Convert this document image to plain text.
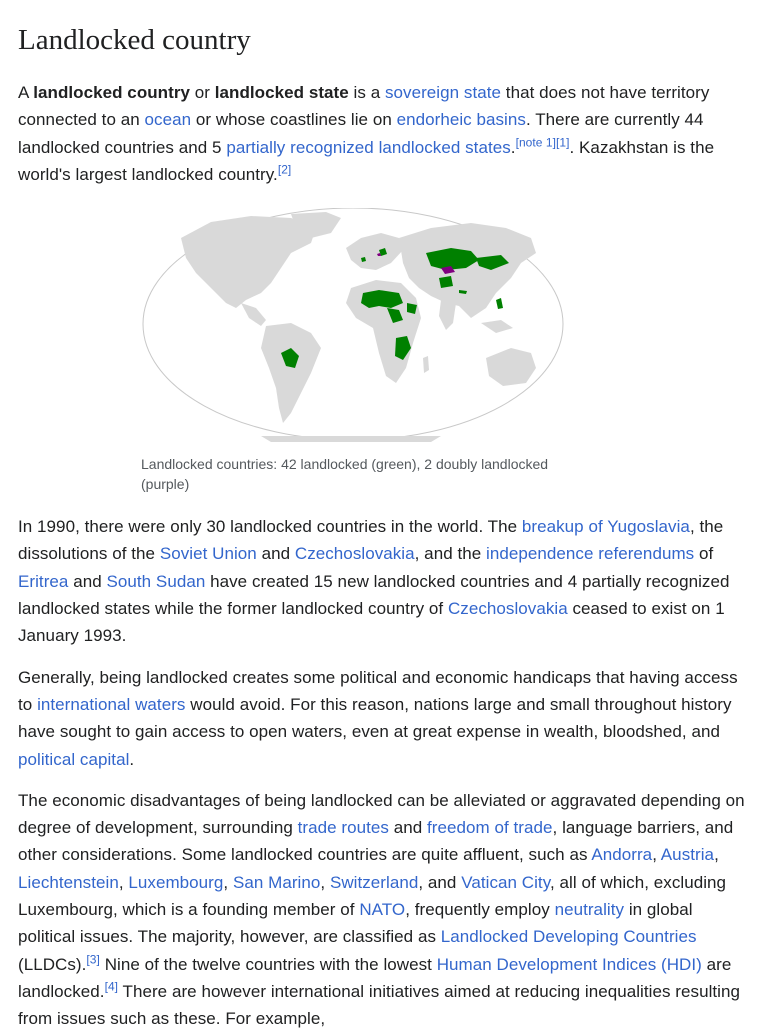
Landlocked country

A landlocked country or landlocked state is a sovereign state that does not have territory connected to an ocean or whose coastlines lie on endorheic basins. There are currently 44 landlocked countries and 5 partially recognized landlocked states.[note 1][1]. Kazakhstan is the world's largest landlocked country.[2]

Landlocked countries: 42 landlocked (green), 2 doubly landlocked (purple)

In 1990, there were only 30 landlocked countries in the world. The breakup of Yugoslavia, the dissolutions of the Soviet Union and Czechoslovakia, and the independence referendums of Eritrea and South Sudan have created 15 new landlocked countries and 4 partially recognized landlocked states while the former landlocked country of Czechoslovakia ceased to exist on 1 January 1993.

Generally, being landlocked creates some political and economic handicaps that having access to international waters would avoid. For this reason, nations large and small throughout history have sought to gain access to open waters, even at great expense in wealth, bloodshed, and political capital.

The economic disadvantages of being landlocked can be alleviated or aggravated depending on degree of development, surrounding trade routes and freedom of trade, language barriers, and other considerations. Some landlocked countries are quite affluent, such as Andorra, Austria, Liechtenstein, Luxembourg, San Marino, Switzerland, and Vatican City, all of which, excluding Luxembourg, which is a founding member of NATO, frequently employ neutrality in global political issues. The majority, however, are classified as Landlocked Developing Countries (LLDCs).[3] Nine of the twelve countries with the lowest Human Development Indices (HDI) are landlocked.[4] There are however international initiatives aimed at reducing inequalities resulting from issues such as these. For example,
